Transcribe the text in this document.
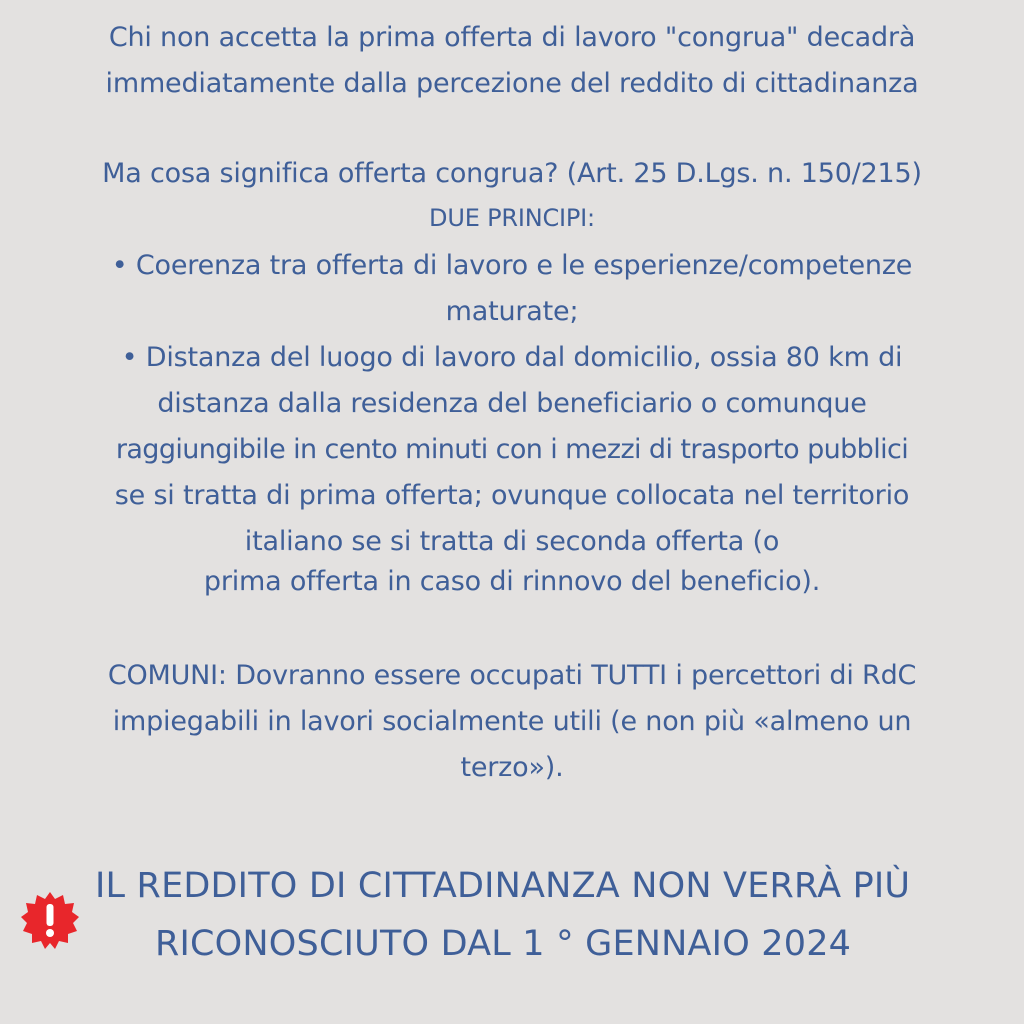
Chi non accetta la prima offerta di lavoro "congrua" decadrà
immediatamente dalla percezione del reddito di cittadinanza
Ma cosa significa offerta congrua? (Art. 25 D.Lgs. n. 150/215)
DUE PRINCIPI:
• Coerenza tra offerta di lavoro e le esperienze/competenze
maturate;
• Distanza del luogo di lavoro dal domicilio, ossia 80 km di
distanza dalla residenza del beneficiario o comunque
raggiungibile in cento minuti con i mezzi di trasporto pubblici
se si tratta di prima offerta; ovunque collocata nel territorio
italiano se si tratta di seconda offerta (o
prima offerta in caso di rinnovo del beneficio).
COMUNI: Dovranno essere occupati TUTTI i percettori di RdC
impiegabili in lavori socialmente utili (e non più «almeno un
terzo»).
IL REDDITO DI CITTADINANZA NON VERRÀ PIÙ
RICONOSCIUTO DAL 1 ° GENNAIO 2024
